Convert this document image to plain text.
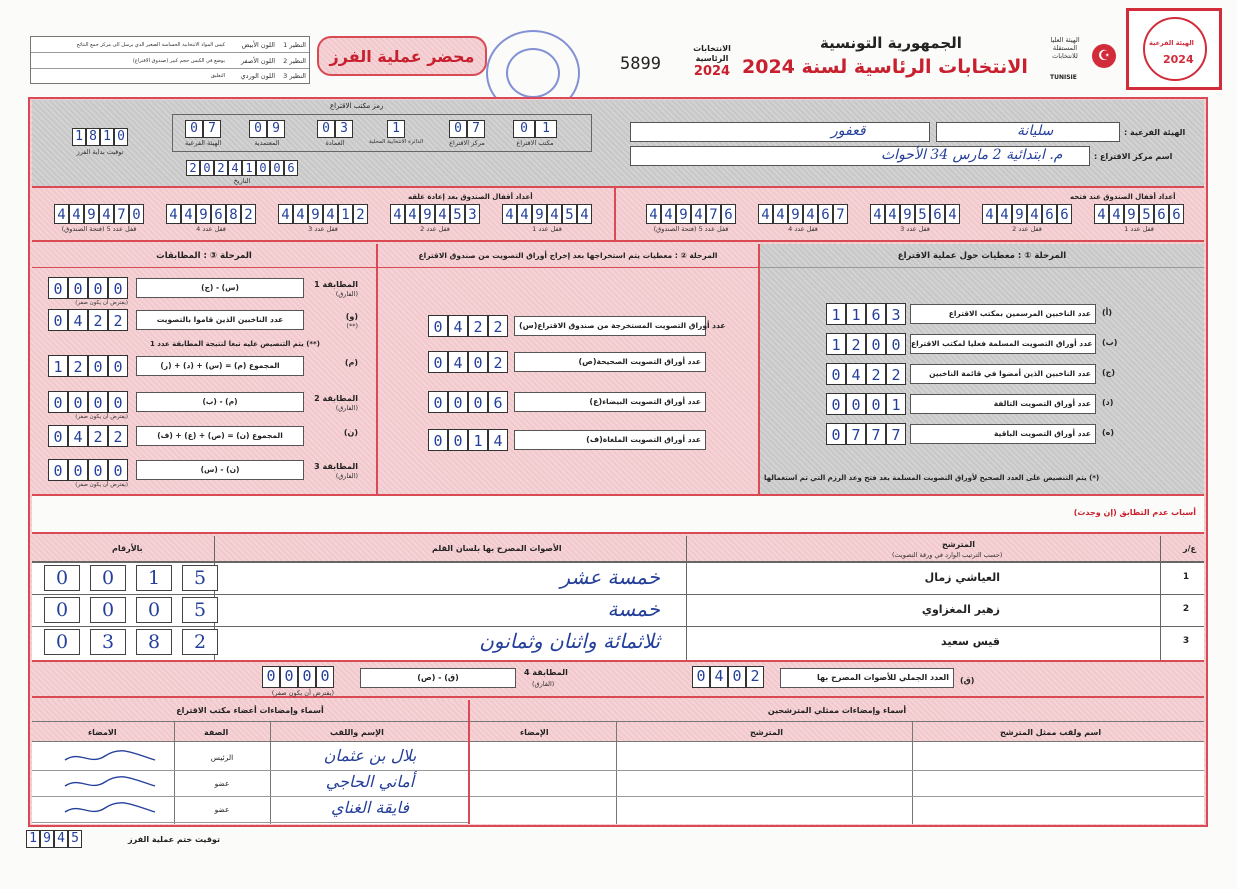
الهيئة الفرعية
2024
☪
الهيئة العليا المستقلة للانتخابات
TUNISIE
الجمهورية التونسية
الانتخابات الرئاسية لسنة 2024
الانتخابات الرئاسية
2024
5899
محضر عملية الفرز
النظير 1
اللون الأبيض
كيس المواد الانتخابية الحساسة الصغير الذي يرسل الى مركز جمع النتائج
النظير 2
اللون الأصفر
يوضع في الكيس حجم كبير (صندوق الاقتراع)
النظير 3
اللون الوردي
التعليق
1 8 1 0
توقيت بداية الفرز
رمز مكتب الاقتراع
0 7
الهيئة الفرعية
0 9
المعتمدية
0 3
العمادة
1
الدائرة الانتخابية المحلية
0 7
مركز الاقتراع
0	1
مكتب الاقتراع
2 0 2 4 1 0 0 6
التاريخ
الهيئة الفرعية :
سليانة
قعفور
اسم مركز الاقتراع :
م. ابتدائية 2 مارس 34 الأحواث
أعداد أقفال الصندوق عند فتحه
أعداد أقفال الصندوق بعد إعادة غلقه
4 4 9 5 6 6
قفل عدد 1
4 4 9 4 6 6
قفل عدد 2
4 4 9 5 6 4
قفل عدد 3
4 4 9 4 6 7
قفل عدد 4
4 4 9 4 7 6
قفل عدد 5 (فتحة الصندوق)
4 4 9 4 5 4
قفل عدد 1
4 4 9 4 5 3
قفل عدد 2
4 4 9 4 1 2
قفل عدد 3
4 4 9 6 8 2
قفل عدد 4
4 4 9 4 7 0
قفل عدد 5 (فتحة الصندوق)
المرحلة ① : معطيات حول عملية الاقتراع
(أ)
عدد الناخبين المرسمين بمكتب الاقتراع
1 1 6 3
(ب)
عدد أوراق التصويت المسلمة فعليا لمكتب الاقتراع
1 2 0 0
(ج)
عدد الناخبين الذين أمضوا في قائمة الناخبين
0 4 2 2
(د)
عدد أوراق التصويت التالفة
0 0 0 1
(ه)
عدد أوراق التصويت الباقية
0 7 7 7
(*) يتم التنصيص على العدد الصحيح لأوراق التصويت المسلمة بعد فتح وعد الرزم التي تم استعمالها
المرحلة ② : معطيات يتم استخراجها بعد إخراج أوراق التصويت من صندوق الاقتراع
(س)عدد أوراق التصويت المستخرجة من صندوق الاقتراع
0 4 2 2
(ص)عدد أوراق التصويت الصحيحة
0 4 0 2
(ع)عدد أوراق التصويت البيضاء
0 0 0 6
(ف)عدد أوراق التصويت الملغاة
0 0 1 4
المرحلة ③ : المطابقات
المطابقة 1
(الفارق)
(ج) - (س)
0 0 0 0
(يفترض أن يكون صفر)
(و)
(**)
عدد الناخبين الذين قاموا بالتصويت
0 4 2 2
(م)
المجموع (م) = (س) + (د) + (ر)
1 2 0 0
المطابقة 2
(الفارق)
(ب) - (م)
0 0 0 0
(يفترض أن يكون صفر)
(ن)
المجموع (ن) = (ص) + (ع) + (ف)
0 4 2 2
المطابقة 3
(الفارق)
(س) - (ن)
0 0 0 0
(يفترض أن يكون صفر)
(**) يتم التنصيص عليه تبعا لنتيجة المطابقة عدد 1
أسباب عدم التطابق (إن وجدت)
ع/ر
المترشح
(حسب الترتيب الوارد في ورقة التصويت)
الأصوات المصرح بها بلسان القلم
بالأرقام
1
العياشي زمال
خمسة عشر
0	0	1	5
2
زهير المغزاوي
خمسة
0	0	0	5
3
قيس سعيد
ثلاثمائة واثنان وثمانون
0	3	8	2
(ق)
العدد الجملي للأصوات المصرح بها
0 4 0 2
المطابقة 4
(الفارق)
(ص) - (ق)
0 0 0 0
(يفترض أن يكون صفر)
أسماء وإمضاءات ممثلي المترشحين
أسماء وإمضاءات أعضاء مكتب الاقتراع
اسم ولقب ممثل المترشح
المترشح
الإمضاء
الإسم واللقب
الصفة
الامضاء
بلال بن عثمان
الرئيس
أماني الحاجي
عضو
فايقة الغناي
عضو
1 9 4 5	توقيت ختم عملية الفرز
